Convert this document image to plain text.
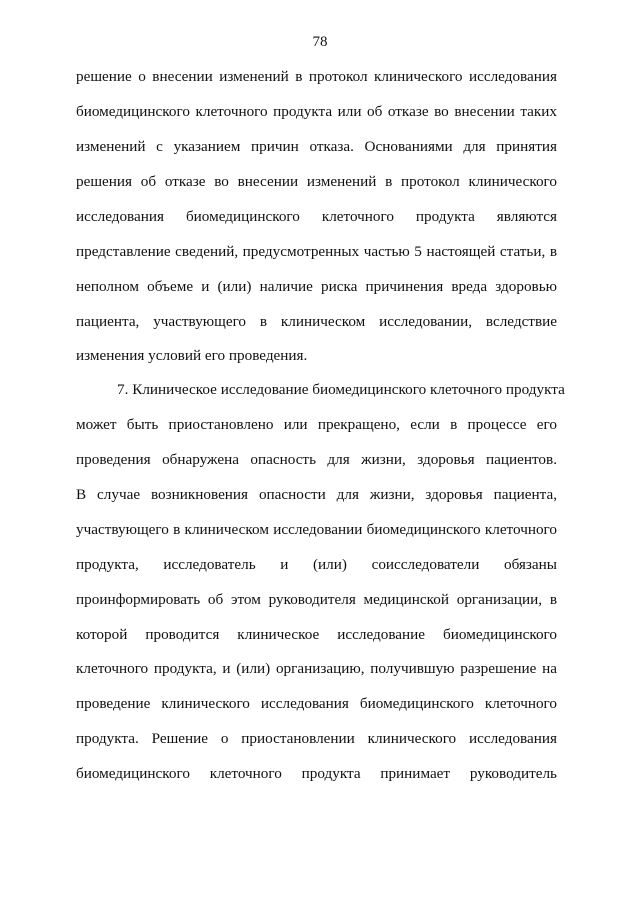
78
решение о внесении изменений в протокол клинического исследования
биомедицинского клеточного продукта или об отказе во внесении таких
изменений с указанием причин отказа. Основаниями для принятия
решения об отказе во внесении изменений в протокол клинического
исследования биомедицинского клеточного продукта являются
представление сведений, предусмотренных частью 5 настоящей статьи, в
неполном объеме и (или) наличие риска причинения вреда здоровью
пациента, участвующего в клиническом исследовании, вследствие
изменения условий его проведения.
7. Клиническое исследование биомедицинского клеточного продукта
может быть приостановлено или прекращено, если в процессе его
проведения обнаружена опасность для жизни, здоровья пациентов.
В случае возникновения опасности для жизни, здоровья пациента,
участвующего в клиническом исследовании биомедицинского клеточного
продукта, исследователь и (или) соисследователи обязаны
проинформировать об этом руководителя медицинской организации, в
которой проводится клиническое исследование биомедицинского
клеточного продукта, и (или) организацию, получившую разрешение на
проведение клинического исследования биомедицинского клеточного
продукта. Решение о приостановлении клинического исследования
биомедицинского клеточного продукта принимает руководитель
